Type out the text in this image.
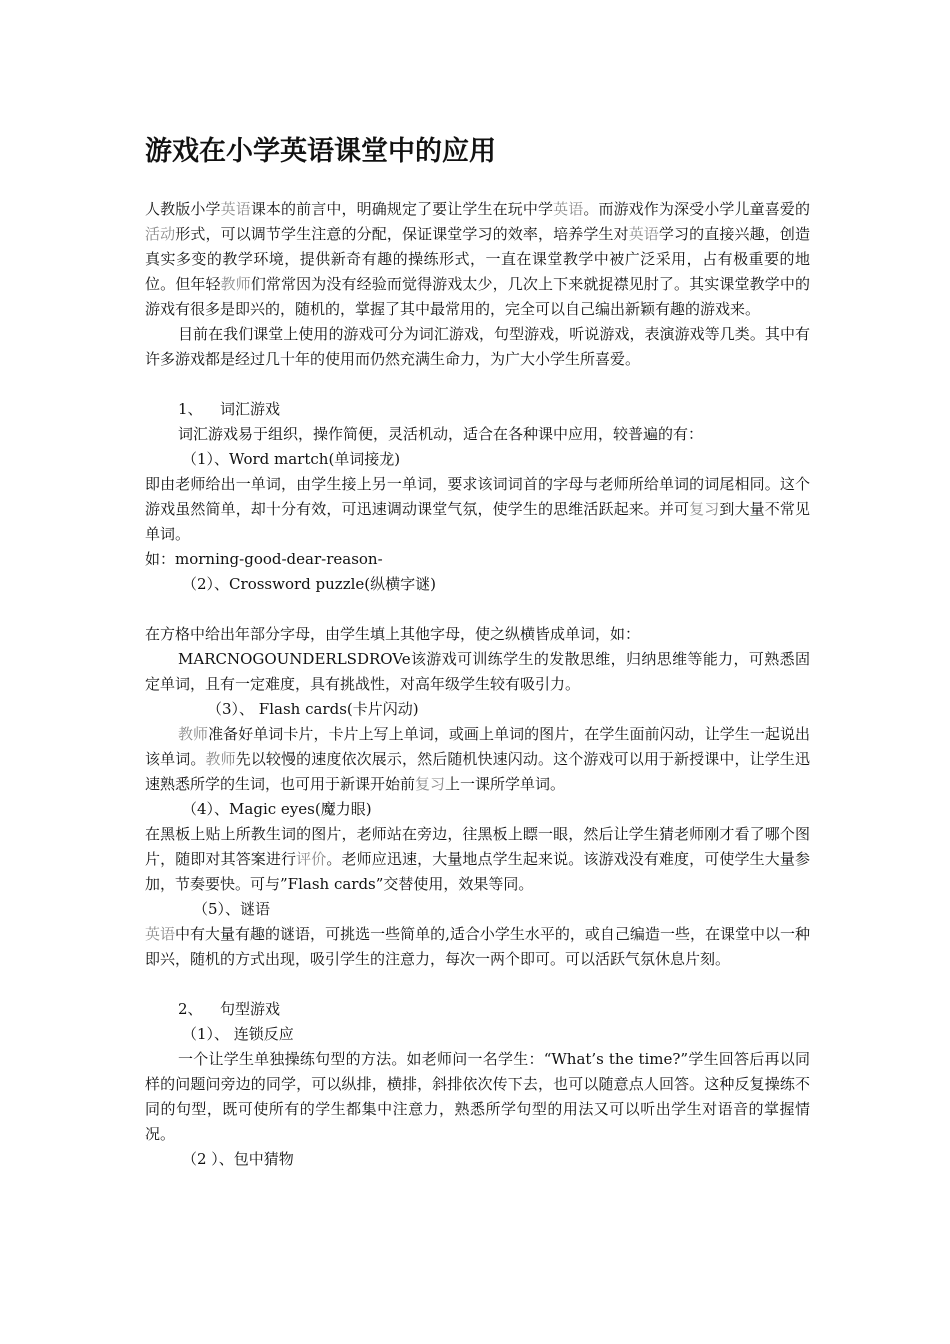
游戏在小学英语课堂中的应用

人教版小学英语课本的前言中，明确规定了要让学生在玩中学英语。而游戏作为深受小学儿童喜爱的活动形式，可以调节学生注意的分配，保证课堂学习的效率，培养学生对英语学习的直接兴趣，创造真实多变的教学环境，提供新奇有趣的操练形式，一直在课堂教学中被广泛采用，占有极重要的地位。但年轻教师们常常因为没有经验而觉得游戏太少，几次上下来就捉襟见肘了。其实课堂教学中的游戏有很多是即兴的，随机的，掌握了其中最常用的，完全可以自己编出新颖有趣的游戏来。

目前在我们课堂上使用的游戏可分为词汇游戏，句型游戏，听说游戏，表演游戏等几类。其中有许多游戏都是经过几十年的使用而仍然充满生命力，为广大小学生所喜爱。

1、 词汇游戏

词汇游戏易于组织，操作简便，灵活机动，适合在各种课中应用，较普遍的有：

（1）、Word martch(单词接龙)

即由老师给出一单词，由学生接上另一单词，要求该词词首的字母与老师所给单词的词尾相同。这个游戏虽然简单，却十分有效，可迅速调动课堂气氛，使学生的思维活跃起来。并可复习到大量不常见单词。

如：morning-good-dear-reason-

（2）、Crossword puzzle(纵横字谜)

在方格中给出年部分字母，由学生填上其他字母，使之纵横皆成单词，如：

MARCNOGOUNDERLSDROVe该游戏可训练学生的发散思维，归纳思维等能力，可熟悉固定单词，且有一定难度，具有挑战性，对高年级学生较有吸引力。

（3）、 Flash cards(卡片闪动)

教师准备好单词卡片，卡片上写上单词，或画上单词的图片，在学生面前闪动，让学生一起说出该单词。教师先以较慢的速度依次展示，然后随机快速闪动。这个游戏可以用于新授课中，让学生迅速熟悉所学的生词，也可用于新课开始前复习上一课所学单词。

（4）、Magic eyes(魔力眼)

在黑板上贴上所教生词的图片，老师站在旁边，往黑板上瞟一眼，然后让学生猜老师刚才看了哪个图片，随即对其答案进行评价。老师应迅速，大量地点学生起来说。该游戏没有难度，可使学生大量参加，节奏要快。可与”Flash cards”交替使用，效果等同。

（5）、谜语

英语中有大量有趣的谜语，可挑选一些简单的,适合小学生水平的，或自己编造一些，在课堂中以一种即兴，随机的方式出现，吸引学生的注意力，每次一两个即可。可以活跃气氛休息片刻。

2、 句型游戏

（1）、 连锁反应

一个让学生单独操练句型的方法。如老师问一名学生：“What’s the time?”学生回答后再以同样的问题问旁边的同学，可以纵排，横排，斜排依次传下去，也可以随意点人回答。这种反复操练不同的句型，既可使所有的学生都集中注意力，熟悉所学句型的用法又可以听出学生对语音的掌握情况。

（2 ）、包中猜物
